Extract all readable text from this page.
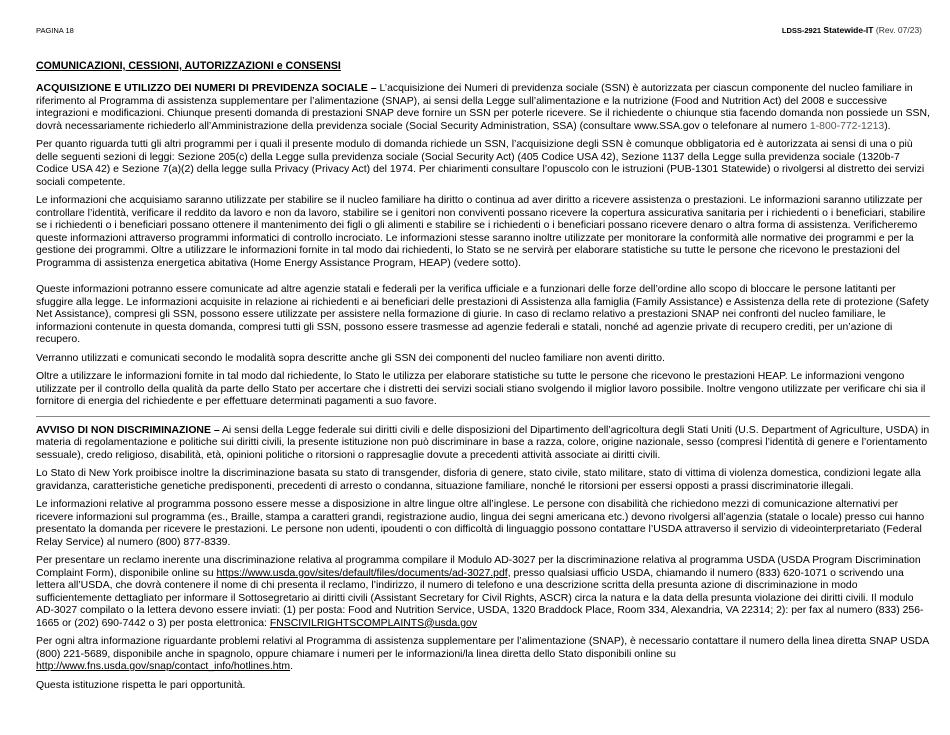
PAGINA 18	LDSS-2921 Statewide-IT (Rev. 07/23)
COMUNICAZIONI, CESSIONI, AUTORIZZAZIONI e CONSENSI

ACQUISIZIONE E UTILIZZO DEI NUMERI DI PREVIDENZA SOCIALE – L’acquisizione dei Numeri di previdenza sociale (SSN) è autorizzata per ciascun componente del nucleo familiare in riferimento al Programma di assistenza supplementare per l’alimentazione (SNAP), ai sensi della Legge sull’alimentazione e la nutrizione (Food and Nutrition Act) del 2008 e successive integrazioni e modificazioni. Chiunque presenti domanda di prestazioni SNAP deve fornire un SSN per poterle ricevere. Se il richiedente o chiunque stia facendo domanda non possiede un SSN, dovrà necessariamente richiederlo all’Amministrazione della previdenza sociale (Social Security Administration, SSA) (consultare www.SSA.gov o telefonare al numero 1-800-772-1213).

Per quanto riguarda tutti gli altri programmi per i quali il presente modulo di domanda richiede un SSN, l’acquisizione degli SSN è comunque obbligatoria ed è autorizzata ai sensi di una o più delle seguenti sezioni di leggi: Sezione 205(c) della Legge sulla previdenza sociale (Social Security Act) (405 Codice USA 42), Sezione 1137 della Legge sulla previdenza sociale (1320b-7 Codice USA 42) e Sezione 7(a)(2) della legge sulla Privacy (Privacy Act) del 1974. Per chiarimenti consultare l’opuscolo con le istruzioni (PUB-1301 Statewide) o rivolgersi al distretto dei servizi sociali competente.

Le informazioni che acquisiamo saranno utilizzate per stabilire se il nucleo familiare ha diritto o continua ad aver diritto a ricevere assistenza o prestazioni. Le informazioni saranno utilizzate per controllare l’identità, verificare il reddito da lavoro e non da lavoro, stabilire se i genitori non conviventi possano ricevere la copertura assicurativa sanitaria per i richiedenti o i beneficiari, stabilire se i richiedenti o i beneficiari possano ottenere il mantenimento dei figli o gli alimenti e stabilire se i richiedenti o i beneficiari possano ricevere denaro o altra forma di assistenza. Verificheremo queste informazioni attraverso programmi informatici di controllo incrociato. Le informazioni stesse saranno inoltre utilizzate per monitorare la conformità alle normative dei programmi e per la gestione dei programmi. Oltre a utilizzare le informazioni fornite in tal modo dai richiedenti, lo Stato se ne servirà per elaborare statistiche su tutte le persone che ricevono le prestazioni del Programma di assistenza energetica abitativa (Home Energy Assistance Program, HEAP) (vedere sotto).

Queste informazioni potranno essere comunicate ad altre agenzie statali e federali per la verifica ufficiale e a funzionari delle forze dell’ordine allo scopo di bloccare le persone latitanti per sfuggire alla legge. Le informazioni acquisite in relazione ai richiedenti e ai beneficiari delle prestazioni di Assistenza alla famiglia (Family Assistance) e Assistenza della rete di protezione (Safety Net Assistance), compresi gli SSN, possono essere utilizzate per assistere nella formazione di giurie. In caso di reclamo relativo a prestazioni SNAP nei confronti del nucleo familiare, le informazioni contenute in questa domanda, compresi tutti gli SSN, possono essere trasmesse ad agenzie federali e statali, nonché ad agenzie private di recupero crediti, per un’azione di recupero.

Verranno utilizzati e comunicati secondo le modalità sopra descritte anche gli SSN dei componenti del nucleo familiare non aventi diritto.

Oltre a utilizzare le informazioni fornite in tal modo dal richiedente, lo Stato le utilizza per elaborare statistiche su tutte le persone che ricevono le prestazioni HEAP. Le informazioni vengono utilizzate per il controllo della qualità da parte dello Stato per accertare che i distretti dei servizi sociali stiano svolgendo il miglior lavoro possibile. Inoltre vengono utilizzate per verificare chi sia il fornitore di energia del richiedente e per effettuare determinati pagamenti a suo favore.

AVVISO DI NON DISCRIMINAZIONE – Ai sensi della Legge federale sui diritti civili e delle disposizioni del Dipartimento dell’agricoltura degli Stati Uniti (U.S. Department of Agriculture, USDA) in materia di regolamentazione e politiche sui diritti civili, la presente istituzione non può discriminare in base a razza, colore, origine nazionale, sesso (compresi l’identità di genere e l’orientamento sessuale), credo religioso, disabilità, età, opinioni politiche o ritorsioni o rappresaglie dovute a precedenti attività associate ai diritti civili.

Lo Stato di New York proibisce inoltre la discriminazione basata su stato di transgender, disforia di genere, stato civile, stato militare, stato di vittima di violenza domestica, condizioni legate alla gravidanza, caratteristiche genetiche predisponenti, precedenti di arresto o condanna, situazione familiare, nonché le ritorsioni per essersi opposti a prassi discriminatorie illegali.

Le informazioni relative al programma possono essere messe a disposizione in altre lingue oltre all’inglese. Le persone con disabilità che richiedono mezzi di comunicazione alternativi per ricevere informazioni sul programma (es., Braille, stampa a caratteri grandi, registrazione audio, lingua dei segni americana etc.) devono rivolgersi all’agenzia (statale o locale) presso cui hanno presentato la domanda per ricevere le prestazioni. Le persone non udenti, ipoudenti o con difficoltà di linguaggio possono contattare l’USDA attraverso il servizio di videointerpretariato (Federal Relay Service) al numero (800) 877-8339.

Per presentare un reclamo inerente una discriminazione relativa al programma compilare il Modulo AD-3027 per la discriminazione relativa al programma USDA (USDA Program Discrimination Complaint Form), disponibile online su https://www.usda.gov/sites/default/files/documents/ad-3027.pdf, presso qualsiasi ufficio USDA, chiamando il numero (833) 620-1071 o scrivendo una lettera all’USDA, che dovrà contenere il nome di chi presenta il reclamo, l’indirizzo, il numero di telefono e una descrizione scritta della presunta azione di discriminazione in modo sufficientemente dettagliato per informare il Sottosegretario ai diritti civili (Assistant Secretary for Civil Rights, ASCR) circa la natura e la data della presunta violazione dei diritti civili. Il modulo AD-3027 compilato o la lettera devono essere inviati: (1) per posta: Food and Nutrition Service, USDA, 1320 Braddock Place, Room 334, Alexandria, VA 22314; 2): per fax al numero (833) 256-1665 or (202) 690-7442 o 3) per posta elettronica: FNSCIVILRIGHTSCOMPLAINTS@usda.gov

Per ogni altra informazione riguardante problemi relativi al Programma di assistenza supplementare per l’alimentazione (SNAP), è necessario contattare il numero della linea diretta SNAP USDA (800) 221-5689, disponibile anche in spagnolo, oppure chiamare i numeri per le informazioni/la linea diretta dello Stato disponibili online su http://www.fns.usda.gov/snap/contact_info/hotlines.htm.

Questa istituzione rispetta le pari opportunità.
